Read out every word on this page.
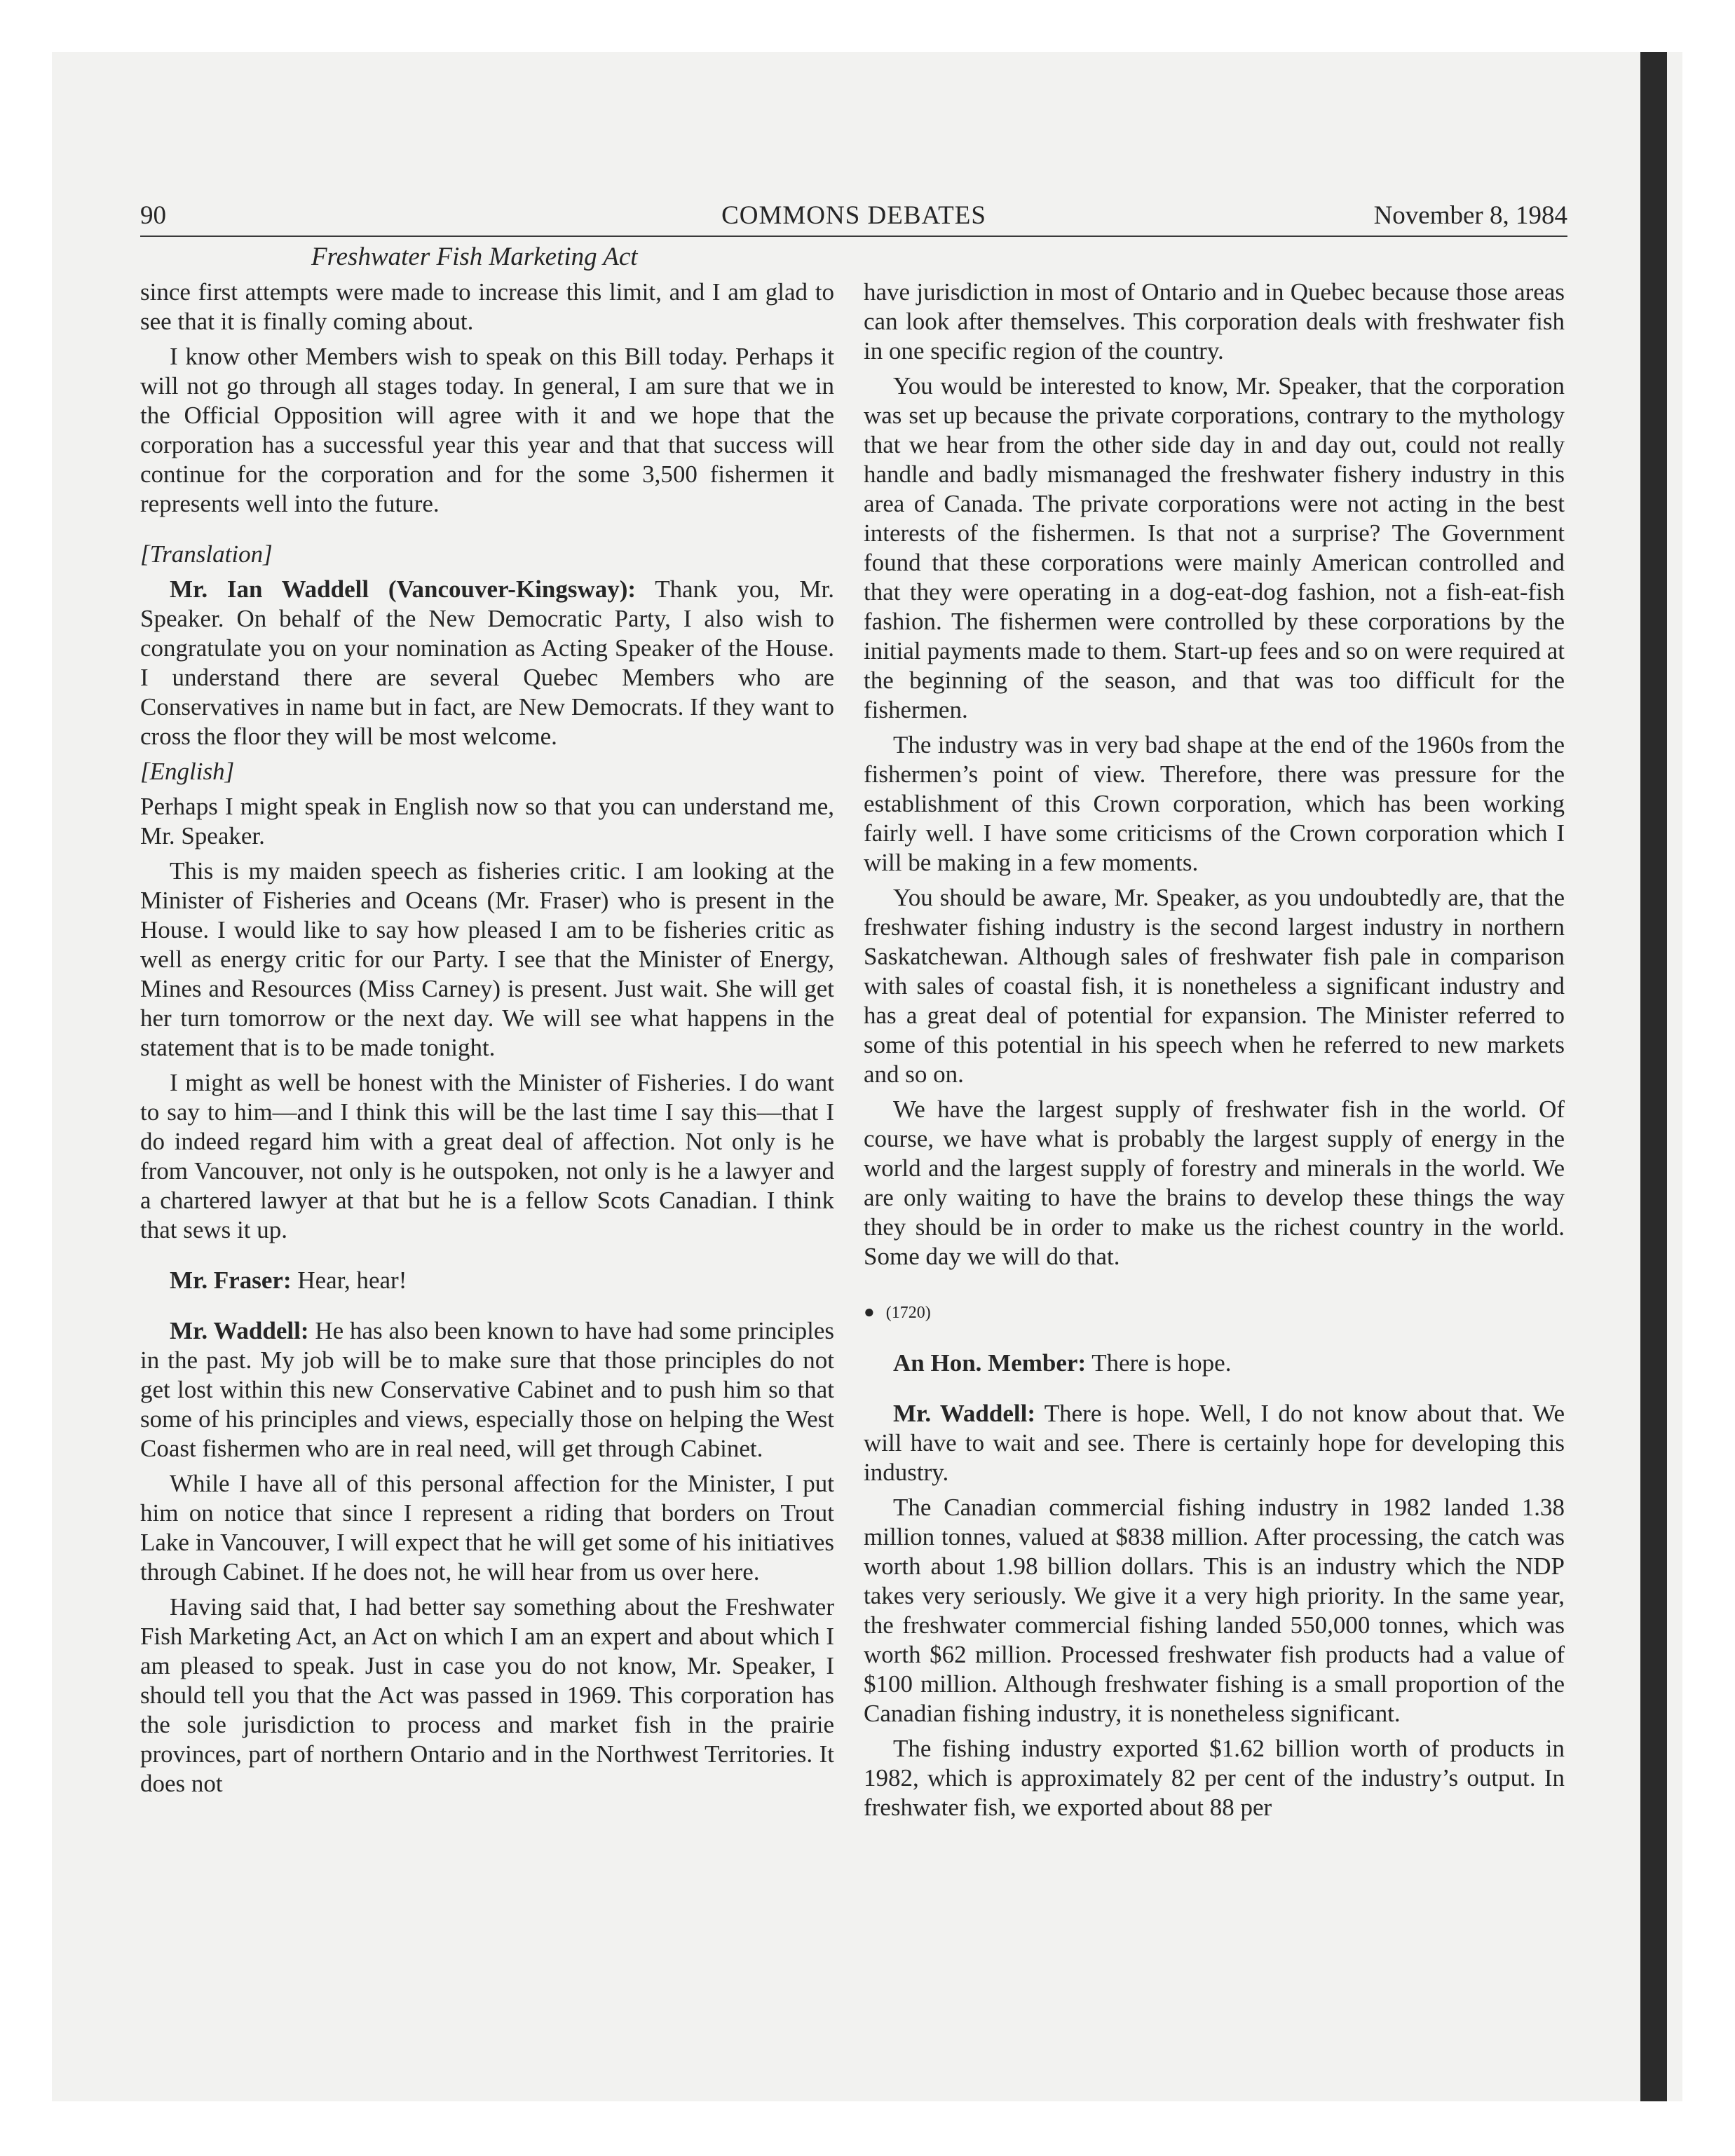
90	COMMONS DEBATES	November 8, 1984
Freshwater Fish Marketing Act

since first attempts were made to increase this limit, and I am glad to see that it is finally coming about.

I know other Members wish to speak on this Bill today. Perhaps it will not go through all stages today. In general, I am sure that we in the Official Opposition will agree with it and we hope that the corporation has a successful year this year and that that success will continue for the corporation and for the some 3,500 fishermen it represents well into the future.

[Translation]

Mr. Ian Waddell (Vancouver-Kingsway): Thank you, Mr. Speaker. On behalf of the New Democratic Party, I also wish to congratulate you on your nomination as Acting Speaker of the House. I understand there are several Quebec Members who are Conservatives in name but in fact, are New Democrats. If they want to cross the floor they will be most welcome.

[English]

Perhaps I might speak in English now so that you can understand me, Mr. Speaker.

This is my maiden speech as fisheries critic. I am looking at the Minister of Fisheries and Oceans (Mr. Fraser) who is present in the House. I would like to say how pleased I am to be fisheries critic as well as energy critic for our Party. I see that the Minister of Energy, Mines and Resources (Miss Carney) is present. Just wait. She will get her turn tomorrow or the next day. We will see what happens in the statement that is to be made tonight.

I might as well be honest with the Minister of Fisheries. I do want to say to him—and I think this will be the last time I say this—that I do indeed regard him with a great deal of affection. Not only is he from Vancouver, not only is he outspoken, not only is he a lawyer and a chartered lawyer at that but he is a fellow Scots Canadian. I think that sews it up.

Mr. Fraser: Hear, hear!

Mr. Waddell: He has also been known to have had some principles in the past. My job will be to make sure that those principles do not get lost within this new Conservative Cabinet and to push him so that some of his principles and views, especially those on helping the West Coast fishermen who are in real need, will get through Cabinet.

While I have all of this personal affection for the Minister, I put him on notice that since I represent a riding that borders on Trout Lake in Vancouver, I will expect that he will get some of his initiatives through Cabinet. If he does not, he will hear from us over here.

Having said that, I had better say something about the Freshwater Fish Marketing Act, an Act on which I am an expert and about which I am pleased to speak. Just in case you do not know, Mr. Speaker, I should tell you that the Act was passed in 1969. This corporation has the sole jurisdiction to process and market fish in the prairie provinces, part of northern Ontario and in the Northwest Territories. It does not

have jurisdiction in most of Ontario and in Quebec because those areas can look after themselves. This corporation deals with freshwater fish in one specific region of the country.

You would be interested to know, Mr. Speaker, that the corporation was set up because the private corporations, contrary to the mythology that we hear from the other side day in and day out, could not really handle and badly mismanaged the freshwater fishery industry in this area of Canada. The private corporations were not acting in the best interests of the fishermen. Is that not a surprise? The Government found that these corporations were mainly American controlled and that they were operating in a dog-eat-dog fashion, not a fish-eat-fish fashion. The fishermen were controlled by these corporations by the initial payments made to them. Start-up fees and so on were required at the beginning of the season, and that was too difficult for the fishermen.

The industry was in very bad shape at the end of the 1960s from the fishermen’s point of view. Therefore, there was pressure for the establishment of this Crown corporation, which has been working fairly well. I have some criticisms of the Crown corporation which I will be making in a few moments.

You should be aware, Mr. Speaker, as you undoubtedly are, that the freshwater fishing industry is the second largest industry in northern Saskatchewan. Although sales of freshwater fish pale in comparison with sales of coastal fish, it is nonetheless a significant industry and has a great deal of potential for expansion. The Minister referred to some of this potential in his speech when he referred to new markets and so on.

We have the largest supply of freshwater fish in the world. Of course, we have what is probably the largest supply of energy in the world and the largest supply of forestry and minerals in the world. We are only waiting to have the brains to develop these things the way they should be in order to make us the richest country in the world. Some day we will do that.

● (1720)

An Hon. Member: There is hope.

Mr. Waddell: There is hope. Well, I do not know about that. We will have to wait and see. There is certainly hope for developing this industry.

The Canadian commercial fishing industry in 1982 landed 1.38 million tonnes, valued at $838 million. After processing, the catch was worth about 1.98 billion dollars. This is an industry which the NDP takes very seriously. We give it a very high priority. In the same year, the freshwater commercial fishing landed 550,000 tonnes, which was worth $62 million. Processed freshwater fish products had a value of $100 million. Although freshwater fishing is a small proportion of the Canadian fishing industry, it is nonetheless significant.

The fishing industry exported $1.62 billion worth of products in 1982, which is approximately 82 per cent of the industry’s output. In freshwater fish, we exported about 88 per
